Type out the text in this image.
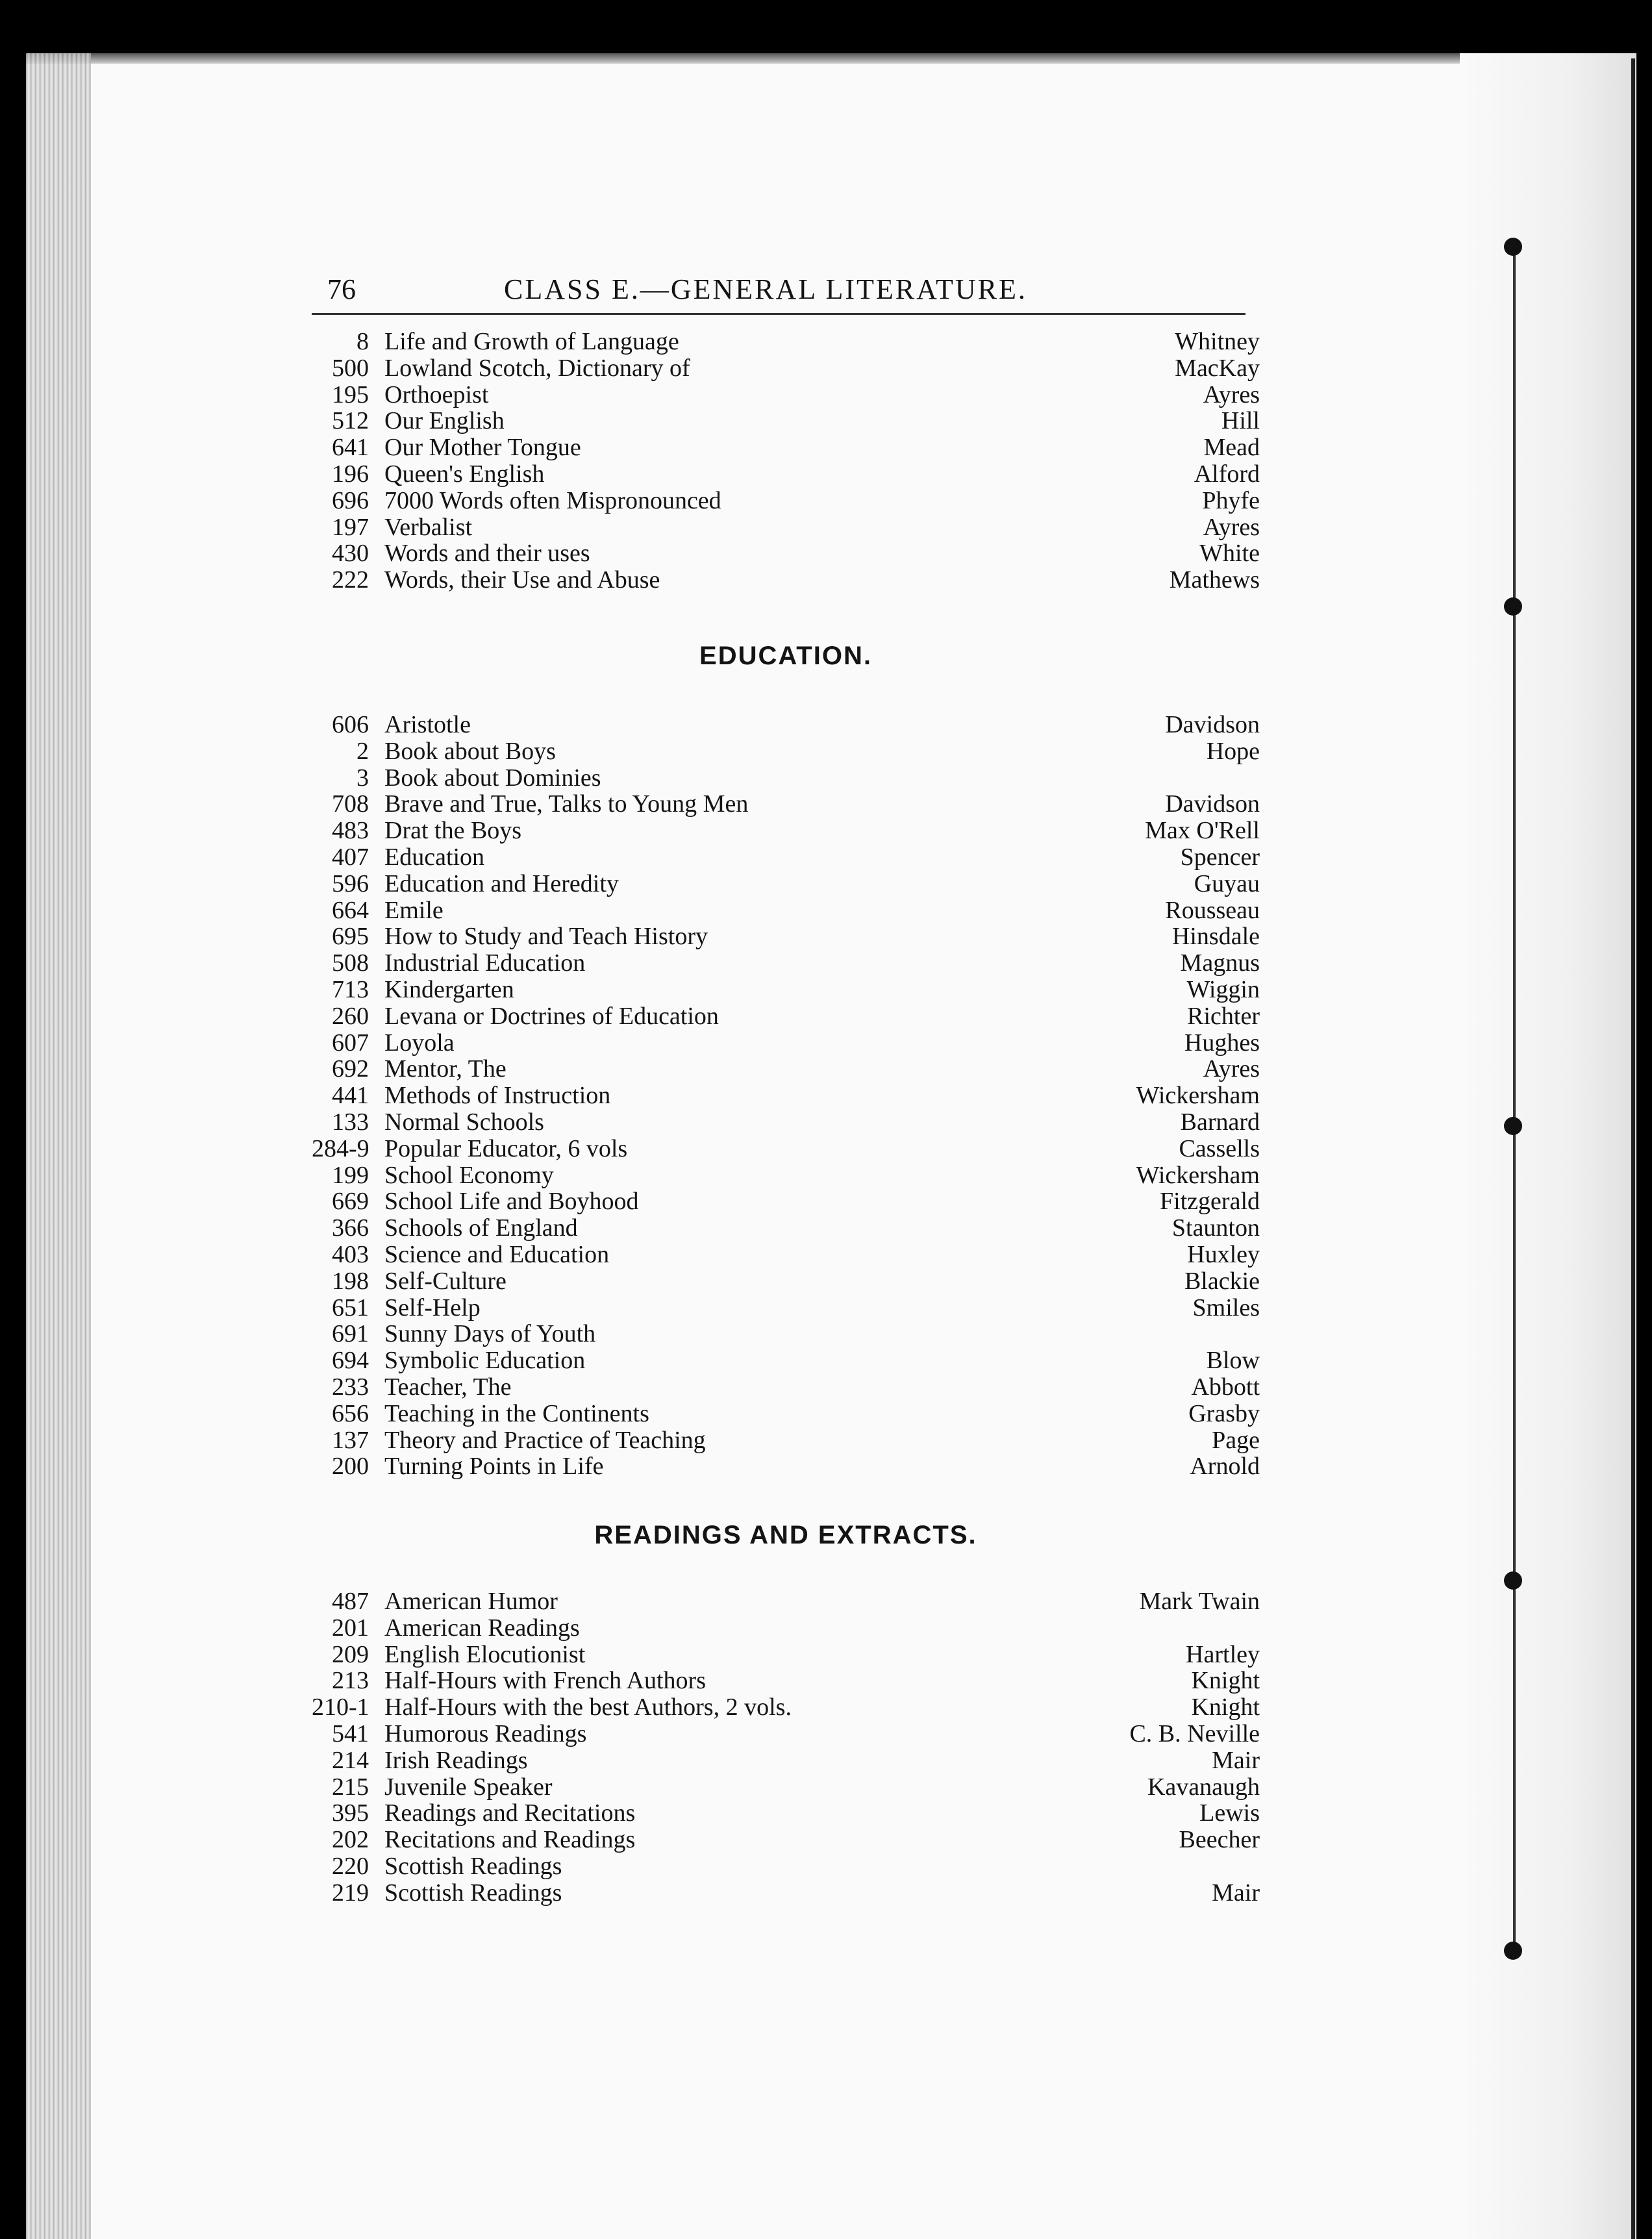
76	CLASS E.—GENERAL LITERATURE.
8 Life and Growth of Language	Whitney
500 Lowland Scotch, Dictionary of	MacKay
195 Orthoepist	Ayres
512 Our English	Hill
641 Our Mother Tongue	Mead
196 Queen's English	Alford
696 7000 Words often Mispronounced	Phyfe
197 Verbalist	Ayres
430 Words and their uses	White
222 Words, their Use and Abuse	Mathews
EDUCATION.
606 Aristotle	Davidson
2 Book about Boys	Hope
3 Book about Dominies
708 Brave and True, Talks to Young Men	Davidson
483 Drat the Boys	Max O'Rell
407 Education	Spencer
596 Education and Heredity	Guyau
664 Emile	Rousseau
695 How to Study and Teach History	Hinsdale
508 Industrial Education	Magnus
713 Kindergarten	Wiggin
260 Levana or Doctrines of Education	Richter
607 Loyola	Hughes
692 Mentor, The	Ayres
441 Methods of Instruction	Wickersham
133 Normal Schools	Barnard
284-9 Popular Educator, 6 vols	Cassells
199 School Economy	Wickersham
669 School Life and Boyhood	Fitzgerald
366 Schools of England	Staunton
403 Science and Education	Huxley
198 Self-Culture	Blackie
651 Self-Help	Smiles
691 Sunny Days of Youth
694 Symbolic Education	Blow
233 Teacher, The	Abbott
656 Teaching in the Continents	Grasby
137 Theory and Practice of Teaching	Page
200 Turning Points in Life	Arnold
READINGS AND EXTRACTS.
487 American Humor	Mark Twain
201 American Readings
209 English Elocutionist	Hartley
213 Half-Hours with French Authors	Knight
210-1 Half-Hours with the best Authors, 2 vols.	Knight
541 Humorous Readings	C. B. Neville
214 Irish Readings	Mair
215 Juvenile Speaker	Kavanaugh
395 Readings and Recitations	Lewis
202 Recitations and Readings	Beecher
220 Scottish Readings
219 Scottish Readings	Mair
